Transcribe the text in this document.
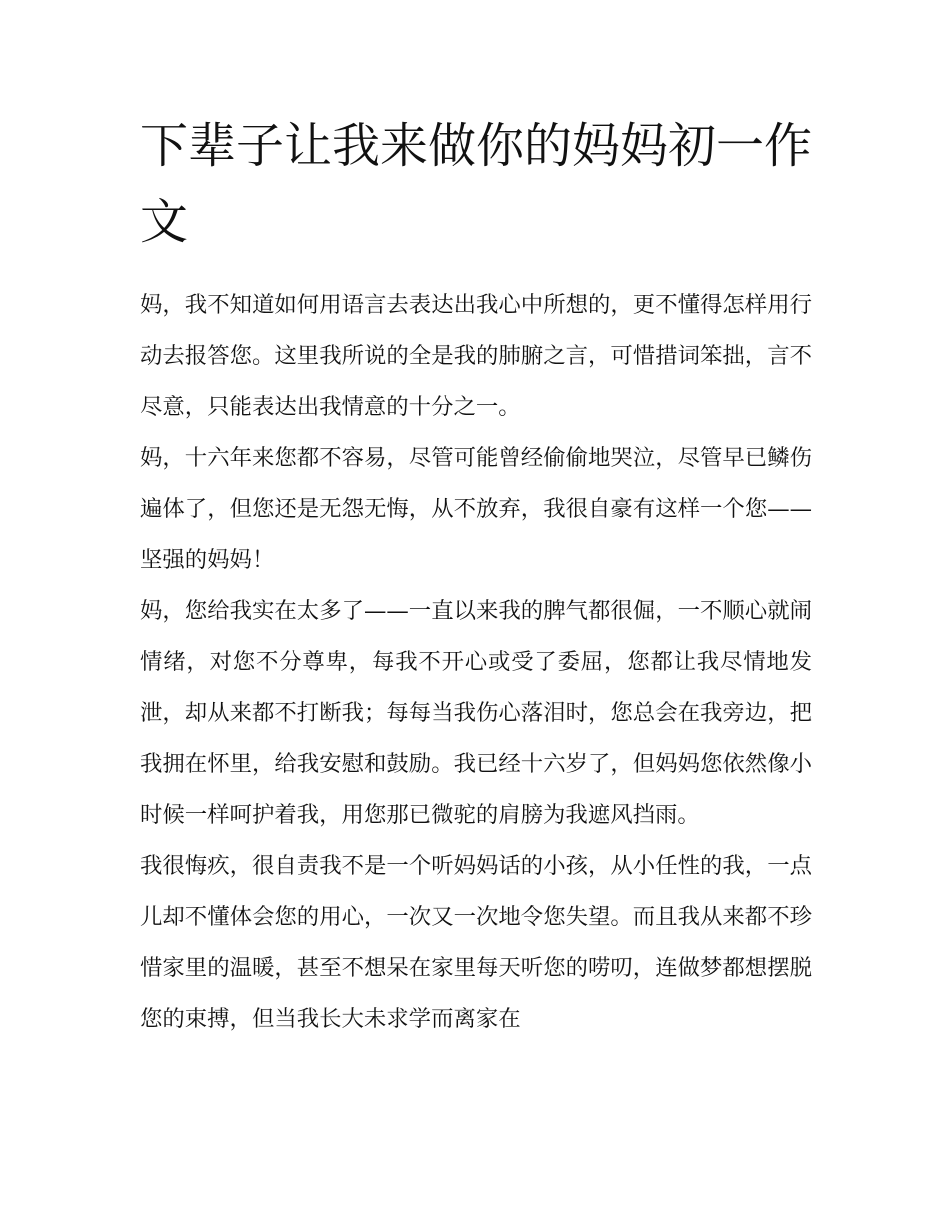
下辈子让我来做你的妈妈初一作文

妈，我不知道如何用语言去表达出我心中所想的，更不懂得怎样用行动去报答您。这里我所说的全是我的肺腑之言，可惜措词笨拙，言不尽意，只能表达出我情意的十分之一。

妈，十六年来您都不容易，尽管可能曾经偷偷地哭泣，尽管早已鳞伤遍体了，但您还是无怨无悔，从不放弃，我很自豪有这样一个您——坚强的妈妈！

妈，您给我实在太多了——一直以来我的脾气都很倔，一不顺心就闹情绪，对您不分尊卑，每我不开心或受了委屈，您都让我尽情地发泄，却从来都不打断我；每每当我伤心落泪时，您总会在我旁边，把我拥在怀里，给我安慰和鼓励。我已经十六岁了，但妈妈您依然像小时候一样呵护着我，用您那已微驼的肩膀为我遮风挡雨。

我很悔疚，很自责我不是一个听妈妈话的小孩，从小任性的我，一点儿却不懂体会您的用心，一次又一次地令您失望。而且我从来都不珍惜家里的温暖，甚至不想呆在家里每天听您的唠叨，连做梦都想摆脱您的束搏，但当我长大未求学而离家在
